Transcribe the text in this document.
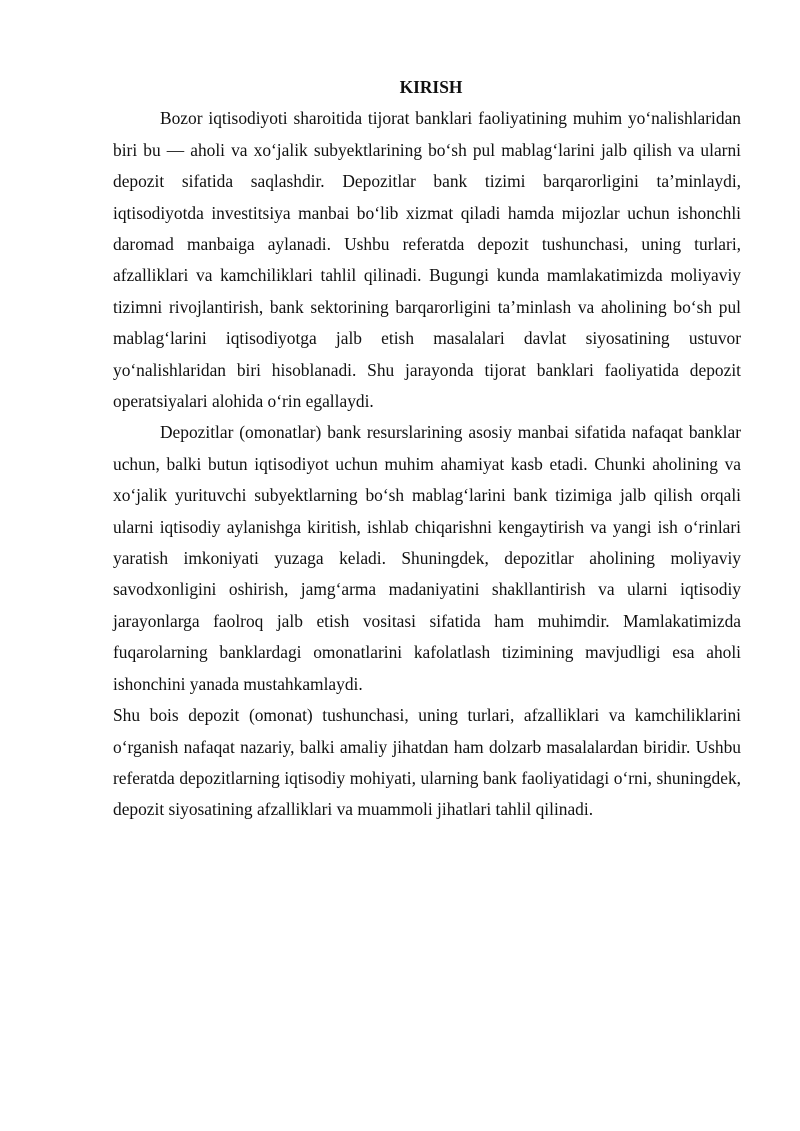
KIRISH

Bozor iqtisodiyoti sharoitida tijorat banklari faoliyatining muhim yo‘nalishlaridan biri bu — aholi va xo‘jalik subyektlarining bo‘sh pul mablag‘larini jalb qilish va ularni depozit sifatida saqlashdir. Depozitlar bank tizimi barqarorligini ta’minlaydi, iqtisodiyotda investitsiya manbai bo‘lib xizmat qiladi hamda mijozlar uchun ishonchli daromad manbaiga aylanadi. Ushbu referatda depozit tushunchasi, uning turlari, afzalliklari va kamchiliklari tahlil qilinadi. Bugungi kunda mamlakatimizda moliyaviy tizimni rivojlantirish, bank sektorining barqarorligini ta’minlash va aholining bo‘sh pul mablag‘larini iqtisodiyotga jalb etish masalalari davlat siyosatining ustuvor yo‘nalishlaridan biri hisoblanadi. Shu jarayonda tijorat banklari faoliyatida depozit operatsiyalari alohida o‘rin egallaydi.

Depozitlar (omonatlar) bank resurslarining asosiy manbai sifatida nafaqat banklar uchun, balki butun iqtisodiyot uchun muhim ahamiyat kasb etadi. Chunki aholining va xo‘jalik yurituvchi subyektlarning bo‘sh mablag‘larini bank tizimiga jalb qilish orqali ularni iqtisodiy aylanishga kiritish, ishlab chiqarishni kengaytirish va yangi ish o‘rinlari yaratish imkoniyati yuzaga keladi. Shuningdek, depozitlar aholining moliyaviy savodxonligini oshirish, jamg‘arma madaniyatini shakllantirish va ularni iqtisodiy jarayonlarga faolroq jalb etish vositasi sifatida ham muhimdir. Mamlakatimizda fuqarolarning banklardagi omonatlarini kafolatlash tizimining mavjudligi esa aholi ishonchini yanada mustahkamlaydi.

Shu bois depozit (omonat) tushunchasi, uning turlari, afzalliklari va kamchiliklarini o‘rganish nafaqat nazariy, balki amaliy jihatdan ham dolzarb masalalardan biridir. Ushbu referatda depozitlarning iqtisodiy mohiyati, ularning bank faoliyatidagi o‘rni, shuningdek, depozit siyosatining afzalliklari va muammoli jihatlari tahlil qilinadi.
